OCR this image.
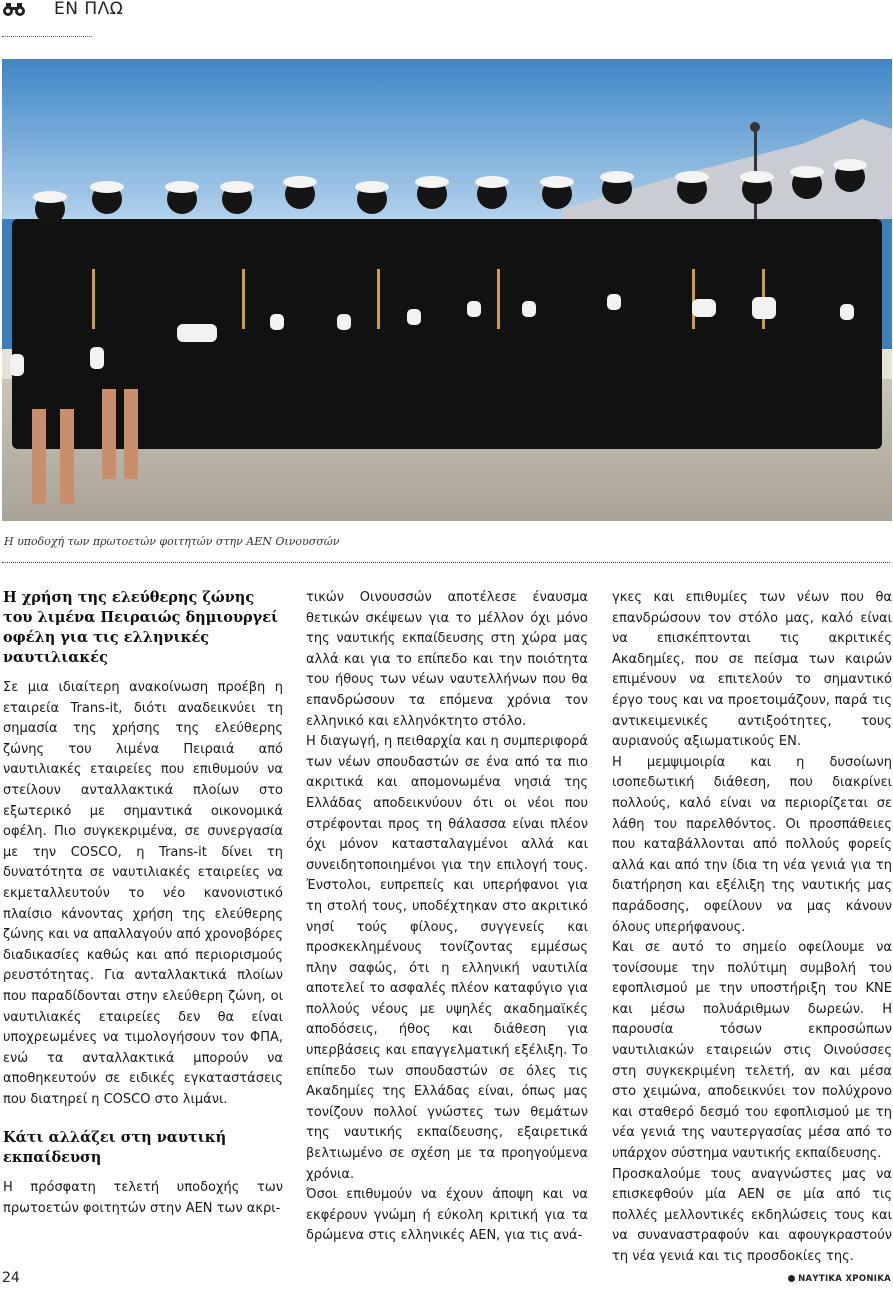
ΕΝ ΠΛΩ
Η υποδοχή των πρωτοετών φοιτητών στην ΑΕΝ Οινουσσών
Η χρήση της ελεύθερης ζώνης του λιμένα Πειραιώς δημιουργεί οφέλη για τις ελληνικές ναυτιλιακές

Σε μια ιδιαίτερη ανακοίνωση προέβη η εταιρεία Trans-it, διότι αναδεικνύει τη σημασία της χρήσης της ελεύθερης ζώνης του λιμένα Πειραιά από ναυτιλιακές εταιρείες που επιθυμούν να στείλουν ανταλλακτικά πλοίων στο εξωτερικό με σημαντικά οικονομικά οφέλη. Πιο συγκεκριμένα, σε συνεργασία με την COSCO, η Trans-it δίνει τη δυνατότητα σε ναυτιλιακές εταιρείες να εκμεταλλευτούν το νέο κανονιστικό πλαίσιο κάνοντας χρήση της ελεύθερης ζώνης και να απαλλαγούν από χρονοβόρες διαδικασίες καθώς και από περιορισμούς ρευστότητας. Για ανταλλακτικά πλοίων που παραδίδονται στην ελεύθερη ζώνη, οι ναυτιλιακές εταιρείες δεν θα είναι υποχρεωμένες να τιμολογήσουν τον ΦΠΑ, ενώ τα ανταλλακτικά μπορούν να αποθηκευτούν σε ειδικές εγκαταστάσεις που διατηρεί η COSCO στο λιμάνι.

Κάτι αλλάζει στη ναυτική εκπαίδευση

Η πρόσφατη τελετή υποδοχής των πρωτοετών φοιτητών στην ΑΕΝ των ακρι-

τικών Οινουσσών αποτέλεσε έναυσμα θετικών σκέψεων για το μέλλον όχι μόνο της ναυτικής εκπαίδευσης στη χώρα μας αλλά και για το επίπεδο και την ποιότητα του ήθους των νέων ναυτελλήνων που θα επανδρώσουν τα επόμενα χρόνια τον ελληνικό και ελληνόκτητο στόλο.

Η διαγωγή, η πειθαρχία και η συμπεριφορά των νέων σπουδαστών σε ένα από τα πιο ακριτικά και απομονωμένα νησιά της Ελλάδας αποδεικνύουν ότι οι νέοι που στρέφονται προς τη θάλασσα είναι πλέον όχι μόνον κατασταλαγμένοι αλλά και συνειδητοποιημένοι για την επιλογή τους. Ένστολοι, ευπρεπείς και υπερήφανοι για τη στολή τους, υποδέχτηκαν στο ακριτικό νησί τούς φίλους, συγγενείς και προσκεκλημένους τονίζοντας εμμέσως πλην σαφώς, ότι η ελληνική ναυτιλία αποτελεί το ασφαλές πλέον καταφύγιο για πολλούς νέους με υψηλές ακαδημαϊκές αποδόσεις, ήθος και διάθεση για υπερβάσεις και επαγγελματική εξέλιξη. Το επίπεδο των σπουδαστών σε όλες τις Ακαδημίες της Ελλάδας είναι, όπως μας τονίζουν πολλοί γνώστες των θεμάτων της ναυτικής εκπαίδευσης, εξαιρετικά βελτιωμένο σε σχέση με τα προηγούμενα χρόνια.

Όσοι επιθυμούν να έχουν άποψη και να εκφέρουν γνώμη ή εύκολη κριτική για τα δρώμενα στις ελληνικές ΑΕΝ, για τις ανά-

γκες και επιθυμίες των νέων που θα επανδρώσουν τον στόλο μας, καλό είναι να επισκέπτονται τις ακριτικές Ακαδημίες, που σε πείσμα των καιρών επιμένουν να επιτελούν το σημαντικό έργο τους και να προετοιμάζουν, παρά τις αντικειμενικές αντιξοότητες, τους αυριανούς αξιωματικούς ΕΝ.

Η μεμψιμοιρία και η δυσοίωνη ισοπεδωτική διάθεση, που διακρίνει πολλούς, καλό είναι να περιορίζεται σε λάθη του παρελθόντος. Οι προσπάθειες που καταβάλλονται από πολλούς φορείς αλλά και από την ίδια τη νέα γενιά για τη διατήρηση και εξέλιξη της ναυτικής μας παράδοσης, οφείλουν να μας κάνουν όλους υπερήφανους.

Και σε αυτό το σημείο οφείλουμε να τονίσουμε την πολύτιμη συμβολή του εφοπλισμού με την υποστήριξη του ΚΝΕ και μέσω πολυάριθμων δωρεών. Η παρουσία τόσων εκπροσώπων ναυτιλιακών εταιρειών στις Οινούσσες στη συγκεκριμένη τελετή, αν και μέσα στο χειμώνα, αποδεικνύει τον πολύχρονο και σταθερό δεσμό του εφοπλισμού με τη νέα γενιά της ναυτεργασίας μέσα από το υπάρχον σύστημα ναυτικής εκπαίδευσης.

Προσκαλούμε τους αναγνώστες μας να επισκεφθούν μία ΑΕΝ σε μία από τις πολλές μελλοντικές εκδηλώσεις τους και να συναναστραφούν και αφουγκραστούν τη νέα γενιά και τις προσδοκίες της.

24	ΝΑΥΤΙΚΑ ΧΡΟΝΙΚΑ
